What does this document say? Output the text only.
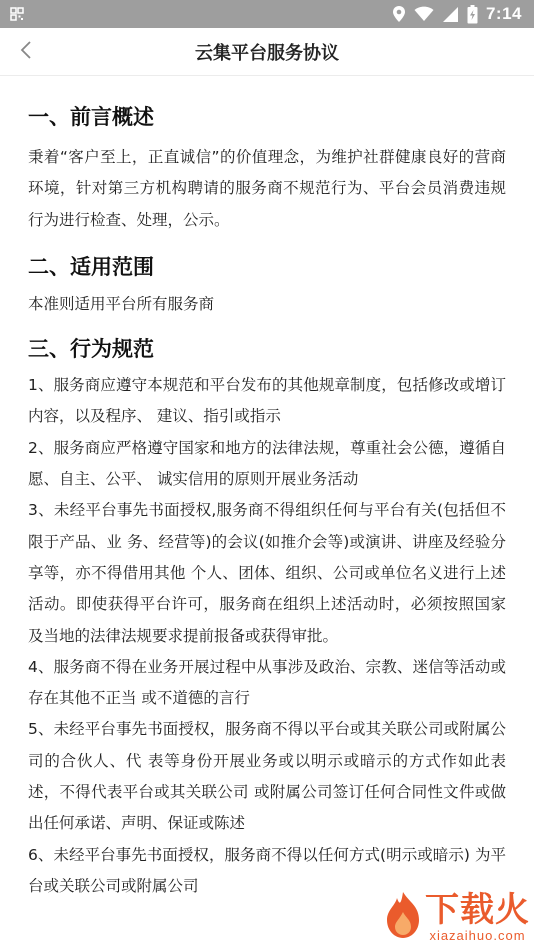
7:14
云集平台服务协议
一、前言概述

秉着“客户至上，正直诚信”的价值理念，为维护社群健康良好的营商环境，针对第三方机构聘请的服务商不规范行为、平台会员消费违规行为进行检查、处理，公示。

二、适用范围

本准则适用平台所有服务商

三、行为规范

1、服务商应遵守本规范和平台发布的其他规章制度，包括修改或增订内容，以及程序、 建议、指引或指示

2、服务商应严格遵守国家和地方的法律法规，尊重社会公德，遵循自愿、自主、公平、 诚实信用的原则开展业务活动

3、未经平台事先书面授权,服务商不得组织任何与平台有关(包括但不限于产品、业 务、经营等)的会议(如推介会等)或演讲、讲座及经验分享等，亦不得借用其他 个人、团体、组织、公司或单位名义进行上述活动。即使获得平台许可，服务商在组织上述活动时，必须按照国家及当地的法律法规要求提前报备或获得审批。

4、服务商不得在业务开展过程中从事涉及政治、宗教、迷信等活动或存在其他不正当 或不道德的言行

5、未经平台事先书面授权，服务商不得以平台或其关联公司或附属公司的合伙人、代 表等身份开展业务或以明示或暗示的方式作如此表述，不得代表平台或其关联公司 或附属公司签订任何合同性文件或做出任何承诺、声明、保证或陈述

6、未经平台事先书面授权，服务商不得以任何方式(明示或暗示) 为平台或关联公司或附属公司

下载火
xiazaihuo.com
